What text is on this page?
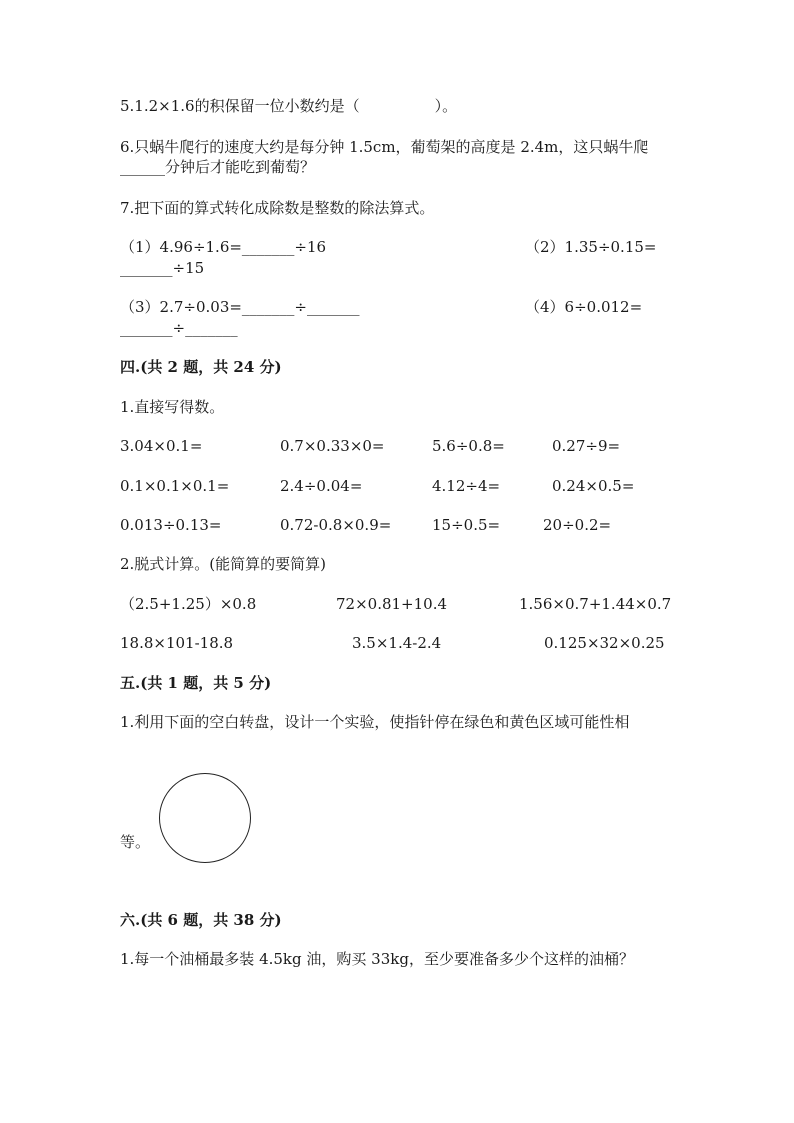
5.1.2×1.6的积保留一位小数约是（　　　　　）。
6.只蜗牛爬行的速度大约是每分钟 1.5cm，葡萄架的高度是 2.4m，这只蜗牛爬
______分钟后才能吃到葡萄？
7.把下面的算式转化成除数是整数的除法算式。
（1）4.96÷1.6=_______÷16	（2）1.35÷0.15=
_______÷15
（3）2.7÷0.03=_______÷_______	（4）6÷0.012=
_______÷_______
四.(共 2 题，共 24 分)
1.直接写得数。
3.04×0.1=	0.7×0.33×0=	5.6÷0.8=	0.27÷9=
0.1×0.1×0.1=	2.4÷0.04=	4.12÷4=	0.24×0.5=
0.013÷0.13=	0.72-0.8×0.9=	15÷0.5=	20÷0.2=
2.脱式计算。(能简算的要简算)
（2.5+1.25）×0.8	72×0.81+10.4	1.56×0.7+1.44×0.7
18.8×101-18.8	3.5×1.4-2.4	0.125×32×0.25
五.(共 1 题，共 5 分)
1.利用下面的空白转盘，设计一个实验，使指针停在绿色和黄色区域可能性相
等。
六.(共 6 题，共 38 分)
1.每一个油桶最多装 4.5kg 油，购买 33kg，至少要准备多少个这样的油桶？
